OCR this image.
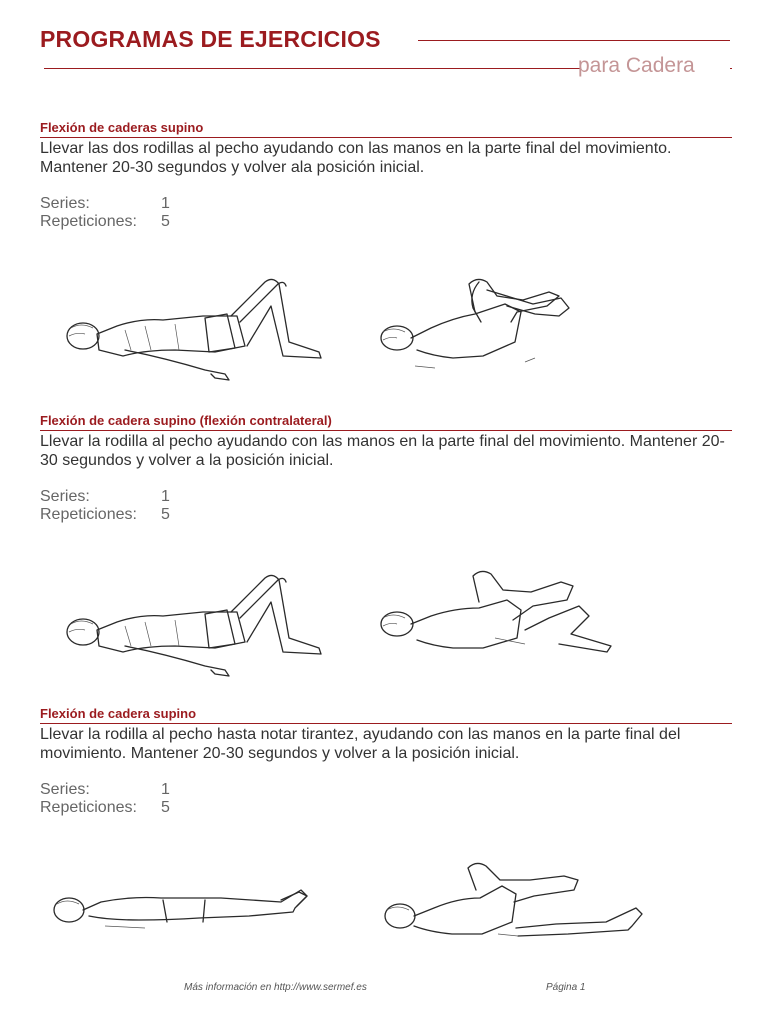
PROGRAMAS DE EJERCICIOS
para Cadera
Flexión de caderas supino
Llevar las dos rodillas al pecho ayudando con las manos en la parte final del movimiento. Mantener 20-30 segundos y volver ala posición inicial.
Series:	1
Repeticiones:	5
Flexión de cadera supino (flexión contralateral)
Llevar la rodilla al pecho ayudando con las manos en la parte final del movimiento. Mantener 20-30 segundos y volver a la posición inicial.
Series:	1
Repeticiones:	5
Flexión de cadera supino
Llevar la rodilla al pecho hasta notar tirantez, ayudando con las manos en la parte final del movimiento. Mantener 20-30 segundos y volver a la posición inicial.
Series:	1
Repeticiones:	5
Más información en http://www.sermef.es	Página 1
